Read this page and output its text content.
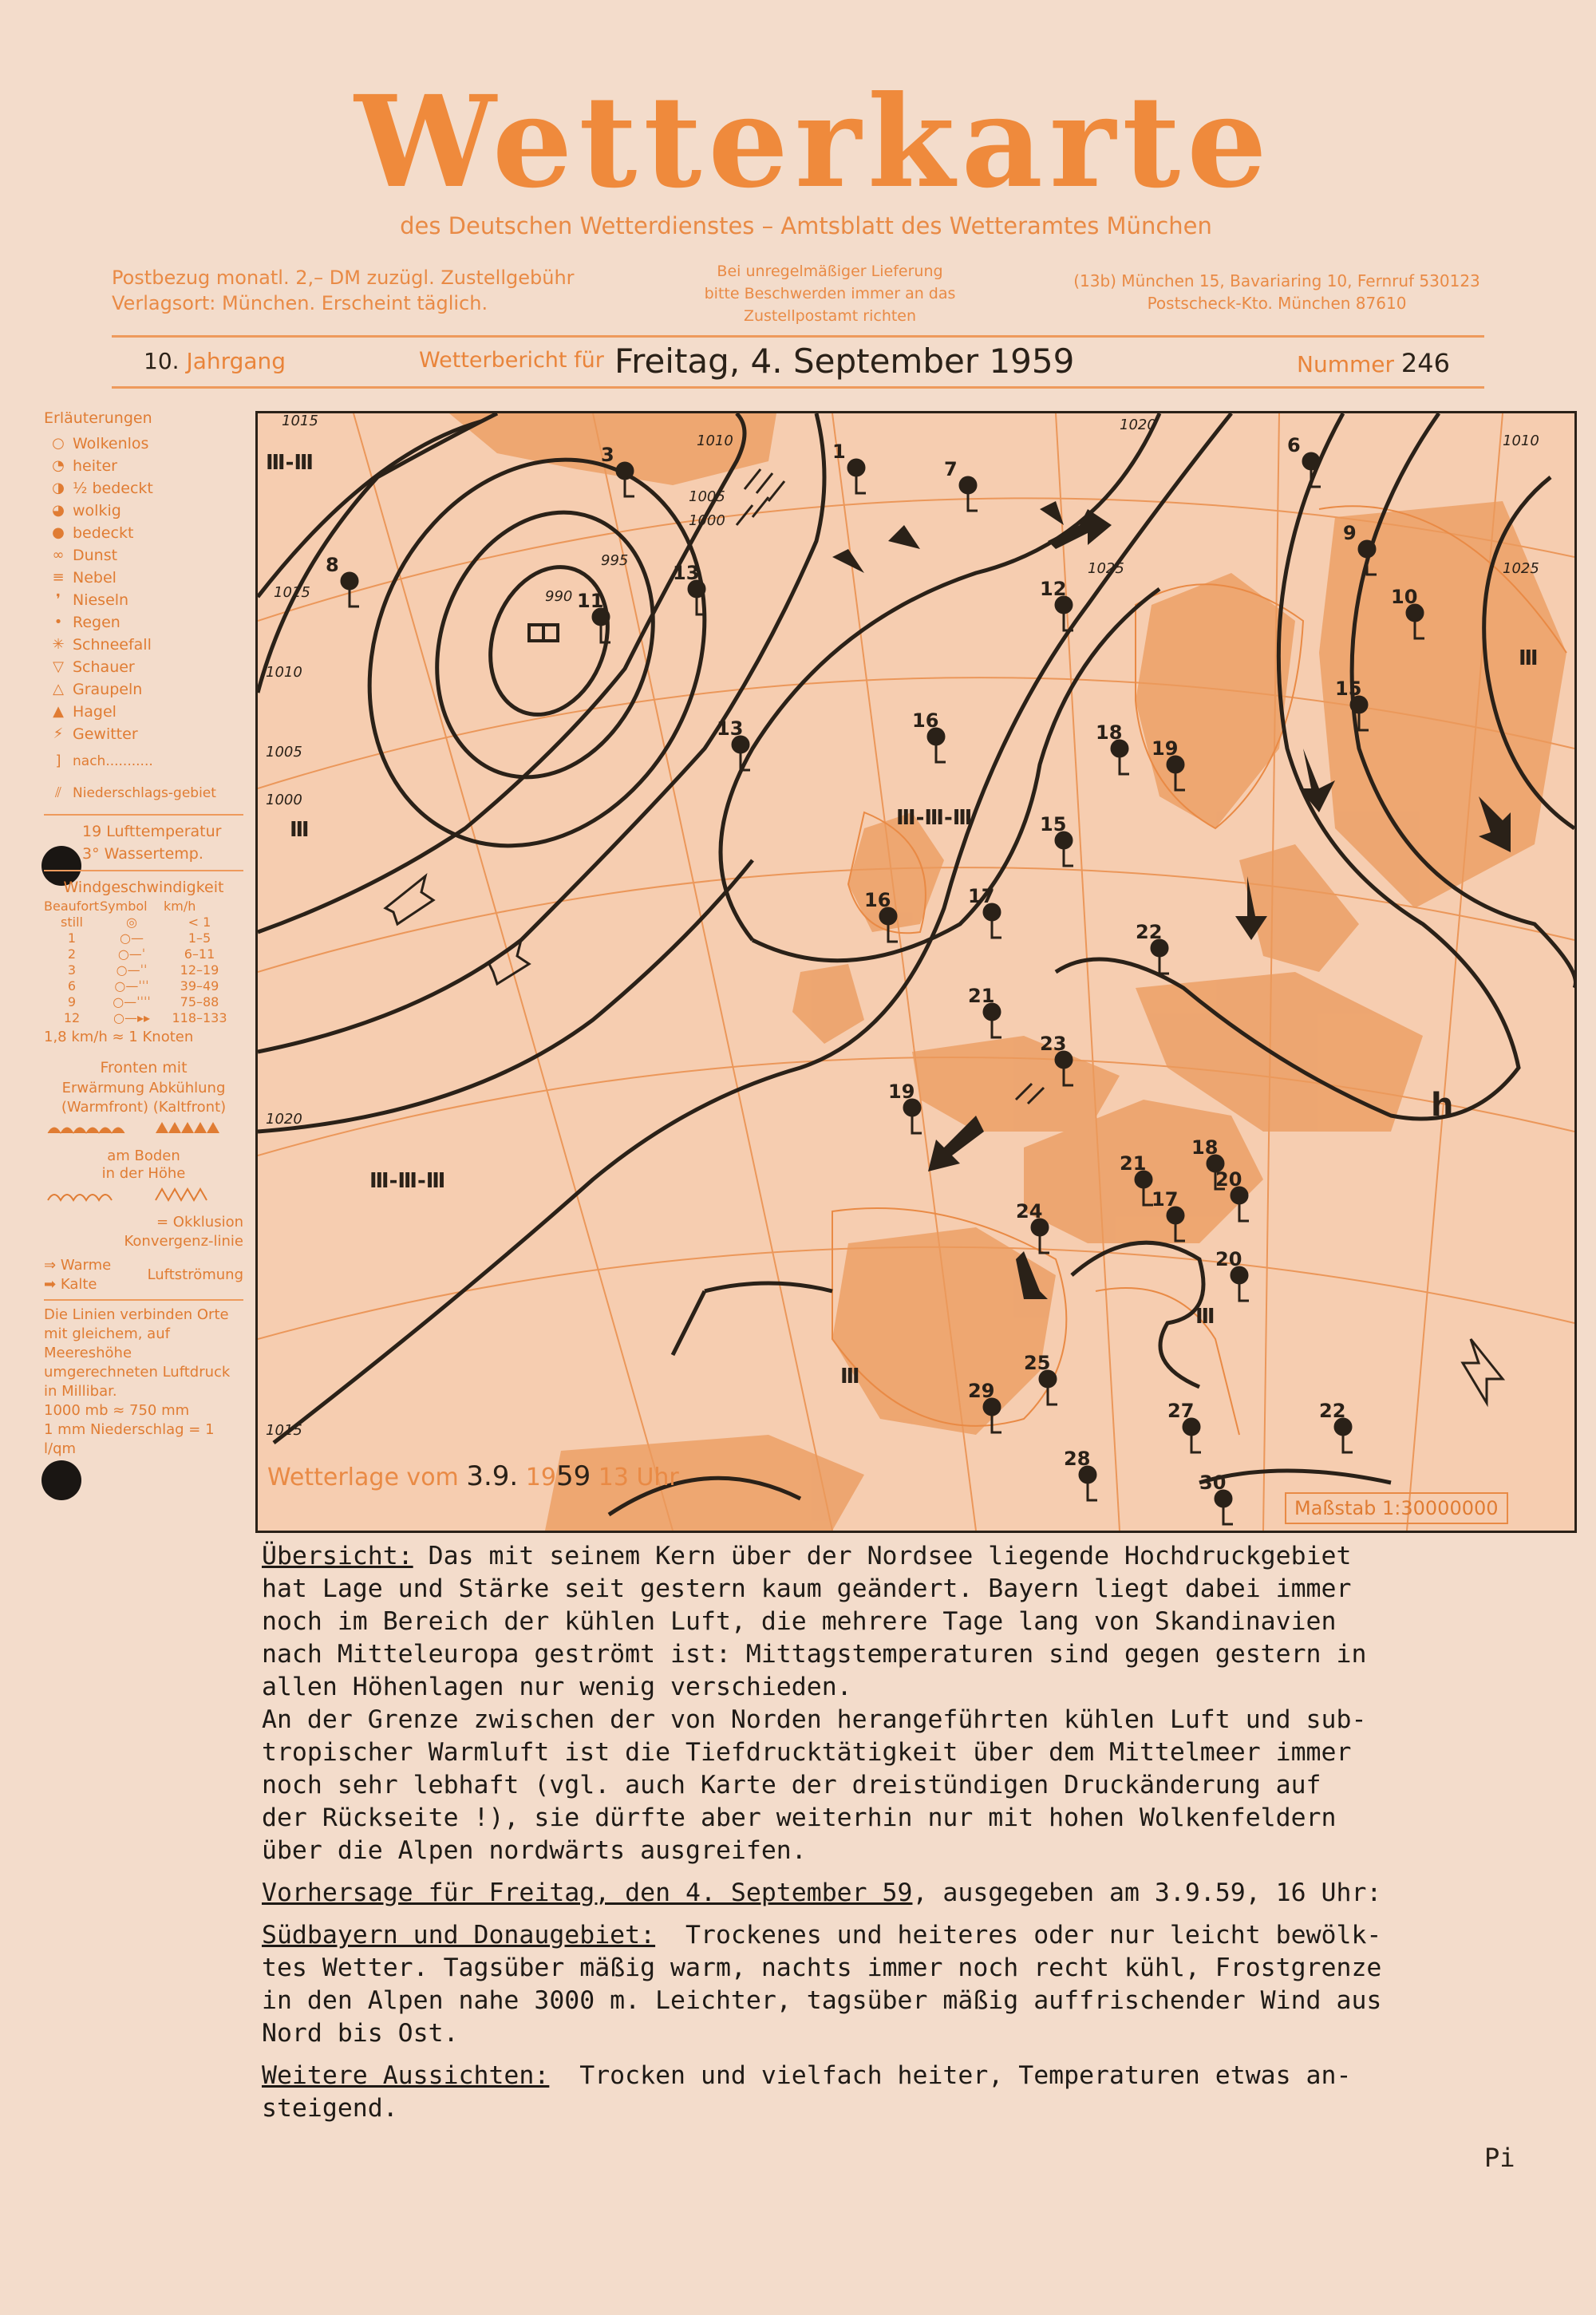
Wetterkarte
des Deutschen Wetterdienstes – Amtsblatt des Wetteramtes München
Postbezug monatl. 2,– DM zuzügl. Zustellgebühr
Verlagsort: München. Erscheint täglich.
Bei unregelmäßiger Lieferung
bitte Beschwerden immer an das
Zustellpostamt richten
(13b) München 15, Bavariaring 10, Fernruf 530123
Postscheck-Kto. München 87610
10. Jahrgang	Wetterbericht für Freitag, 4. September 1959	Nummer 246
Erläuterungen
○ Wolkenlos
◔ heiter
◑ ½ bedeckt
◕ wolkig
● bedeckt
∞ Dunst
≡ Nebel
❜ Nieseln
• Regen
✳ Schneefall
▽ Schauer
△ Graupeln
▲ Hagel
⚡ Gewitter
] nach...........
⫽ Niederschlags-gebiet
19 Lufttemperatur
3° Wassertemp.
Windgeschwindigkeit
Beaufort Symbol	km/h
still	◎	< 1
1	○—	1–5
2	○—ˈ	6–11
3	○—ˈˈ	12–19
6	○—ˈˈˈ	39–49
9	○—ˈˈˈˈ	75–88
12	○—▸▸	118–133
1,8 km/h ≈ 1 Knoten
Fronten mit
Erwärmung Abkühlung
(Warmfront) (Kaltfront)
am Boden
in der Höhe
= Okklusion
Konvergenz-linie
⇒ Warme
➡ Kalte
Luftströmung
Die Linien verbinden Orte mit gleichem, auf Meereshöhe umgerechneten Luftdruck in Millibar.
1000 mb ≈ 750 mm
1 mm Niederschlag = 1 l/qm
h
1015
1010
1005
1000
995
990
1020
1025
1015
1010
1005
1000
1020
1015
1010
1025
3	1
7
6
9
8	13
11
12	10
15
13	16
18
19
15
17
16
21
22
20
23
19
24
25
29
28
30
27	22
21
18
17
20
Ⅲ-Ⅲ
Ⅲ-Ⅲ-Ⅲ
Ⅲ-Ⅲ-Ⅲ
Ⅲ
Ⅲ
Ⅲ
Ⅲ
Wetterlage vom 3.9. 1959 13 Uhr
Maßstab 1:30000000
Übersicht: Das mit seinem Kern über der Nordsee liegende Hochdruckgebiet
hat Lage und Stärke seit gestern kaum geändert. Bayern liegt dabei immer
noch im Bereich der kühlen Luft, die mehrere Tage lang von Skandinavien
nach Mitteleuropa geströmt ist: Mittagstemperaturen sind gegen gestern in
allen Höhenlagen nur wenig verschieden.
An der Grenze zwischen der von Norden herangeführten kühlen Luft und sub-
tropischer Warmluft ist die Tiefdrucktätigkeit über dem Mittelmeer immer
noch sehr lebhaft (vgl. auch Karte der dreistündigen Druckänderung auf
der Rückseite !), sie dürfte aber weiterhin nur mit hohen Wolkenfeldern
über die Alpen nordwärts ausgreifen.

Vorhersage für Freitag, den 4. September 59, ausgegeben am 3.9.59, 16 Uhr:

Südbayern und Donaugebiet:  Trockenes und heiteres oder nur leicht bewölk-
tes Wetter. Tagsüber mäßig warm, nachts immer noch recht kühl, Frostgrenze
in den Alpen nahe 3000 m. Leichter, tagsüber mäßig auffrischender Wind aus
Nord bis Ost.

Weitere Aussichten:  Trocken und vielfach heiter, Temperaturen etwas an-
steigend.
Pi
